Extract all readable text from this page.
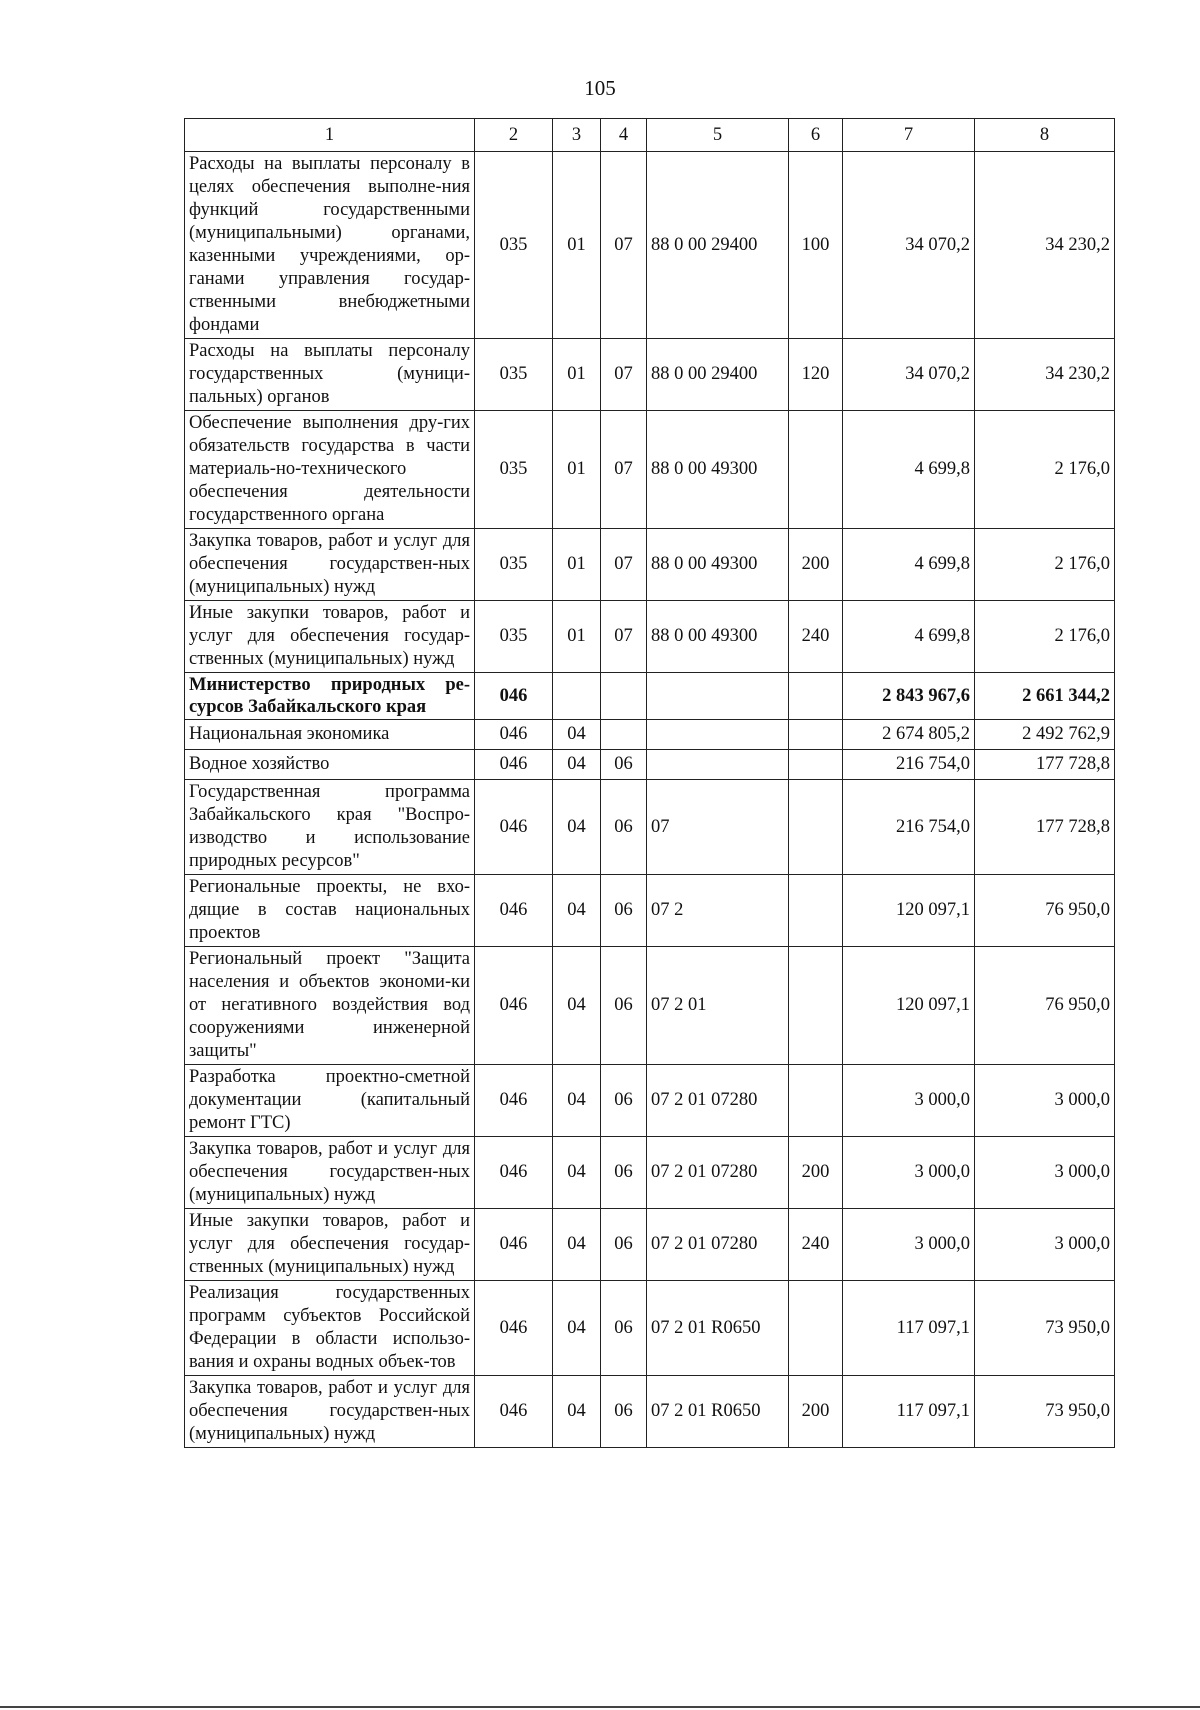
105
1	2	3	4	5	6	7	8
Расходы на выплаты персоналу в целях обеспечения выполне-ния функций государственными (муниципальными) органами, казенными учреждениями, ор-ганами управления государ-ственными внебюджетными фондами	035	01	07	88 0 00 29400	100	34 070,2	34 230,2
Расходы на выплаты персоналу государственных (муници-пальных) органов	035	01	07	88 0 00 29400	120	34 070,2	34 230,2
Обеспечение выполнения дру-гих обязательств государства в части материаль-но-технического обеспечения деятельности государственного органа	035	01	07	88 0 00 49300		4 699,8	2 176,0
Закупка товаров, работ и услуг для обеспечения государствен-ных (муниципальных) нужд	035	01	07	88 0 00 49300	200	4 699,8	2 176,0
Иные закупки товаров, работ и услуг для обеспечения государ-ственных (муниципальных) нужд	035	01	07	88 0 00 49300	240	4 699,8	2 176,0
Министерство природных ре-сурсов Забайкальского края	046					2 843 967,6	2 661 344,2
Национальная экономика	046	04				2 674 805,2	2 492 762,9
Водное хозяйство	046	04	06			216 754,0	177 728,8
Государственная программа Забайкальского края "Воспро-изводство и использование природных ресурсов"	046	04	06	07		216 754,0	177 728,8
Региональные проекты, не вхо-дящие в состав национальных проектов	046	04	06	07 2		120 097,1	76 950,0
Региональный проект "Защита населения и объектов экономи-ки от негативного воздействия вод сооружениями инженерной защиты"	046	04	06	07 2 01		120 097,1	76 950,0
Разработка проектно-сметной документации (капитальный ремонт ГТС)	046	04	06	07 2 01 07280		3 000,0	3 000,0
Закупка товаров, работ и услуг для обеспечения государствен-ных (муниципальных) нужд	046	04	06	07 2 01 07280	200	3 000,0	3 000,0
Иные закупки товаров, работ и услуг для обеспечения государ-ственных (муниципальных) нужд	046	04	06	07 2 01 07280	240	3 000,0	3 000,0
Реализация государственных программ субъектов Российской Федерации в области использо-вания и охраны водных объек-тов	046	04	06	07 2 01 R0650		117 097,1	73 950,0
Закупка товаров, работ и услуг для обеспечения государствен-ных (муниципальных) нужд	046	04	06	07 2 01 R0650	200	117 097,1	73 950,0
